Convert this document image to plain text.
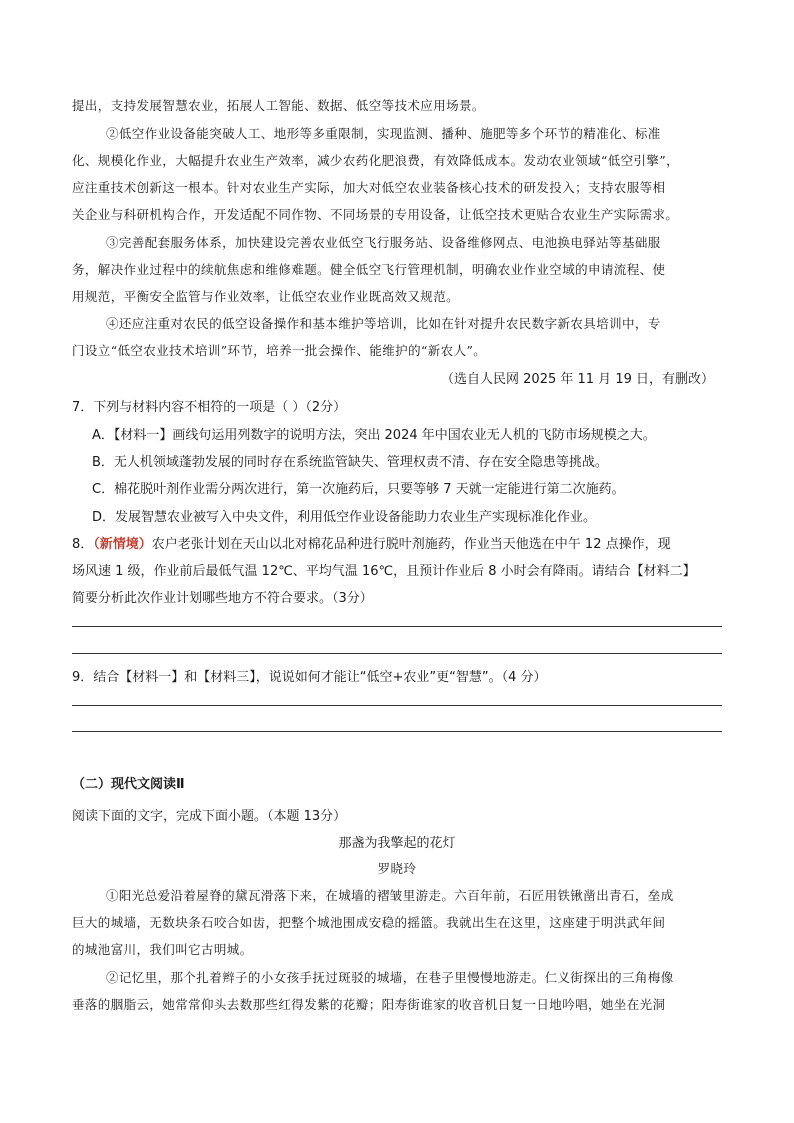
提出，支持发展智慧农业，拓展人工智能、数据、低空等技术应用场景。
②低空作业设备能突破人工、地形等多重限制，实现监测、播种、施肥等多个环节的精准化、标准
化、规模化作业，大幅提升农业生产效率，减少农药化肥浪费，有效降低成本。发动农业领域“低空引擎”，
应注重技术创新这一根本。针对农业生产实际，加大对低空农业装备核心技术的研发投入；支持农服等相
关企业与科研机构合作，开发适配不同作物、不同场景的专用设备，让低空技术更贴合农业生产实际需求。
③完善配套服务体系，加快建设完善农业低空飞行服务站、设备维修网点、电池换电驿站等基础服
务，解决作业过程中的续航焦虑和维修难题。健全低空飞行管理机制，明确农业作业空域的申请流程、使
用规范，平衡安全监管与作业效率，让低空农业作业既高效又规范。
④还应注重对农民的低空设备操作和基本维护等培训，比如在针对提升农民数字新农具培训中，专
门设立“低空农业技术培训”环节，培养一批会操作、能维护的“新农人”。
（选自人民网 2025 年 11 月 19 日，有删改）
7．下列与材料内容不相符的一项是（ ）（2分）
A．【材料一】画线句运用列数字的说明方法，突出 2024 年中国农业无人机的飞防市场规模之大。
B．无人机领域蓬勃发展的同时存在系统监管缺失、管理权责不清、存在安全隐患等挑战。
C．棉花脱叶剂作业需分两次进行，第一次施药后，只要等够 7 天就一定能进行第二次施药。
D．发展智慧农业被写入中央文件，利用低空作业设备能助力农业生产实现标准化作业。
8．（新情境）农户老张计划在天山以北对棉花品种进行脱叶剂施药，作业当天他选在中午 12 点操作，现
场风速 1 级，作业前后最低气温 12℃、平均气温 16℃，且预计作业后 8 小时会有降雨。请结合【材料二】
简要分析此次作业计划哪些地方不符合要求。（3分）
9．结合【材料一】和【材料三】，说说如何才能让“低空+农业”更“智慧”。（4 分）
（二）现代文阅读Ⅱ
阅读下面的文字，完成下面小题。（本题 13分）
那盏为我擎起的花灯
罗晓玲
①阳光总爱沿着屋脊的黛瓦滑落下来，在城墙的褶皱里游走。六百年前，石匠用铁锹凿出青石，垒成
巨大的城墙，无数块条石咬合如齿，把整个城池围成安稳的摇篮。我就出生在这里，这座建于明洪武年间
的城池富川，我们叫它古明城。
②记忆里，那个扎着辫子的小女孩手抚过斑驳的城墙，在巷子里慢慢地游走。仁义街探出的三角梅像
垂落的胭脂云，她常常仰头去数那些红得发紫的花瓣；阳寿街谁家的收音机日复一日地吟唱，她坐在光洞
